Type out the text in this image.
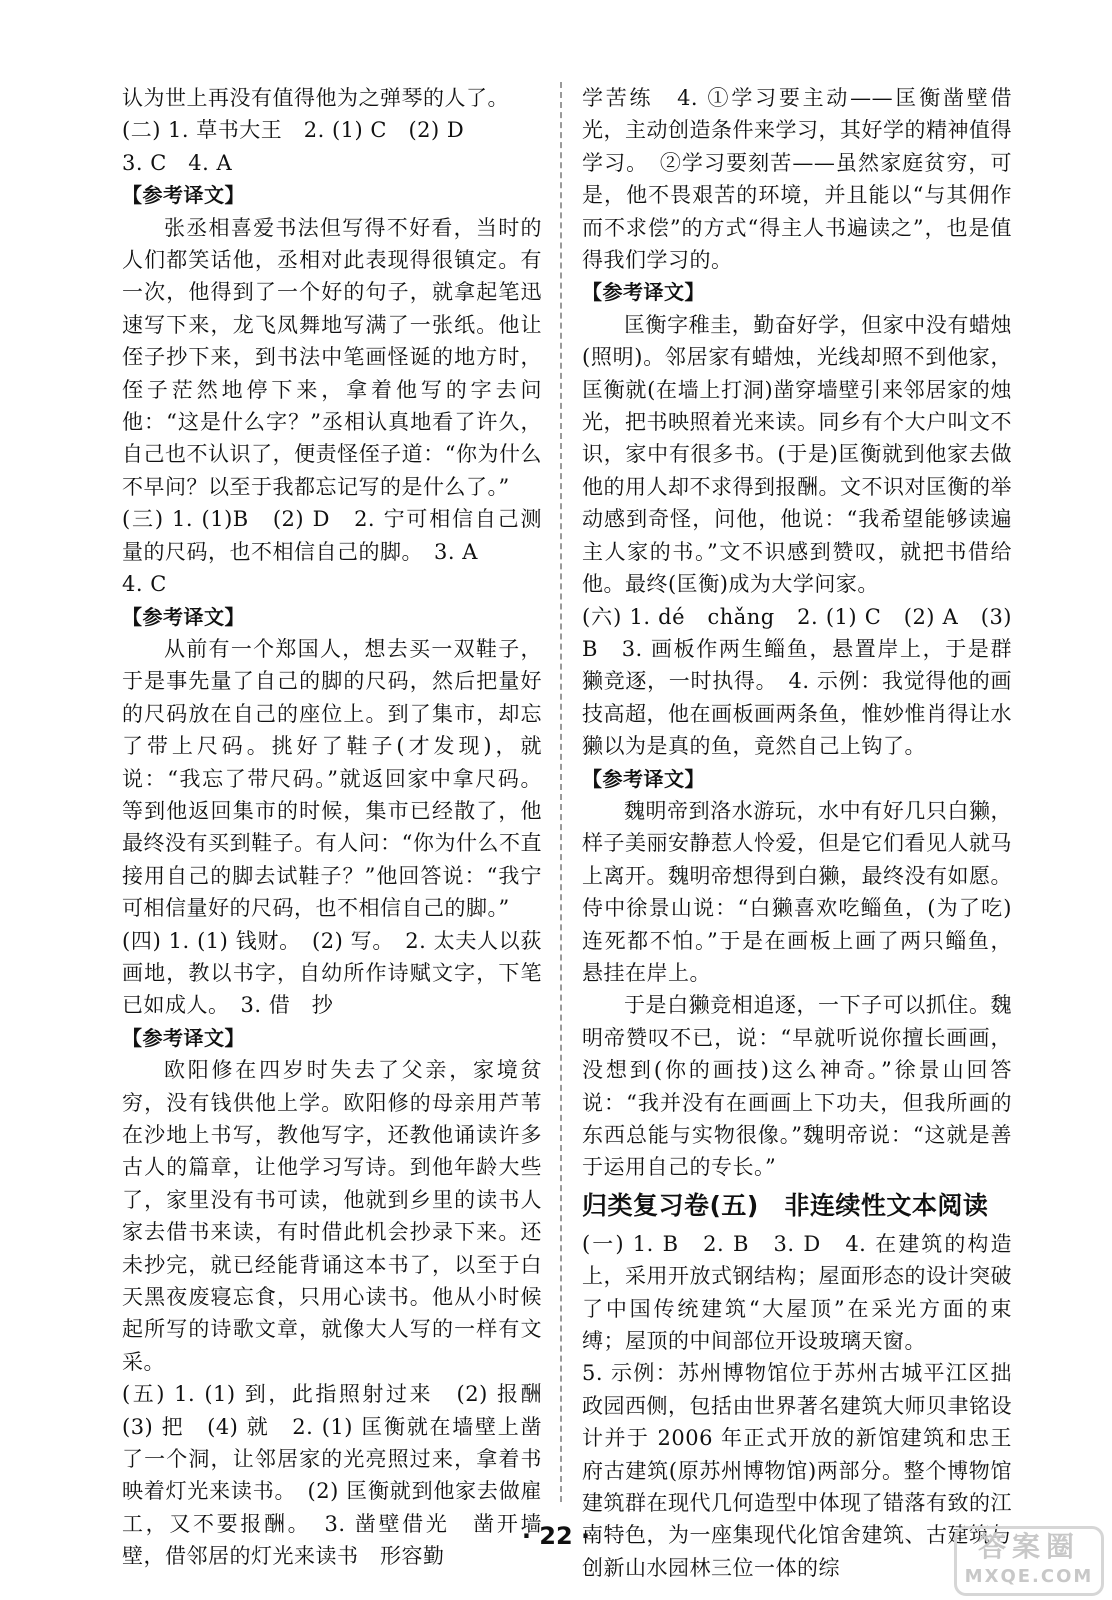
认为世上再没有值得他为之弹琴的人了。

(二) 1. 草书大王　2. (1) C　(2) D

3. C　4. A

【参考译文】

张丞相喜爱书法但写得不好看，当时的人们都笑话他，丞相对此表现得很镇定。有一次，他得到了一个好的句子，就拿起笔迅速写下来，龙飞凤舞地写满了一张纸。他让侄子抄下来，到书法中笔画怪诞的地方时，侄子茫然地停下来，拿着他写的字去问他：“这是什么字？”丞相认真地看了许久，自己也不认识了，便责怪侄子道：“你为什么不早问？以至于我都忘记写的是什么了。”

(三) 1. (1)B　(2) D　2. 宁可相信自己测量的尺码，也不相信自己的脚。　3. A

4. C

【参考译文】

从前有一个郑国人，想去买一双鞋子，于是事先量了自己的脚的尺码，然后把量好的尺码放在自己的座位上。到了集市，却忘了带上尺码。挑好了鞋子(才发现)，就说：“我忘了带尺码。”就返回家中拿尺码。等到他返回集市的时候，集市已经散了，他最终没有买到鞋子。有人问：“你为什么不直接用自己的脚去试鞋子？”他回答说：“我宁可相信量好的尺码，也不相信自己的脚。”

(四) 1. (1) 钱财。　(2) 写。　2. 太夫人以荻画地，教以书字，自幼所作诗赋文字，下笔已如成人。　3. 借　抄

【参考译文】

欧阳修在四岁时失去了父亲，家境贫穷，没有钱供他上学。欧阳修的母亲用芦苇在沙地上书写，教他写字，还教他诵读许多古人的篇章，让他学习写诗。到他年龄大些了，家里没有书可读，他就到乡里的读书人家去借书来读，有时借此机会抄录下来。还未抄完，就已经能背诵这本书了，以至于白天黑夜废寝忘食，只用心读书。他从小时候起所写的诗歌文章，就像大人写的一样有文采。

(五) 1. (1) 到，此指照射过来　(2) 报酬　(3) 把　(4) 就　2. (1) 匡衡就在墙壁上凿了一个洞，让邻居家的光亮照过来，拿着书映着灯光来读书。　(2) 匡衡就到他家去做雇工，又不要报酬。　3. 凿壁借光　凿开墙壁，借邻居的灯光来读书　形容勤

学苦练　4. ①学习要主动——匡衡凿壁借光，主动创造条件来学习，其好学的精神值得学习。　②学习要刻苦——虽然家庭贫穷，可是，他不畏艰苦的环境，并且能以“与其佣作而不求偿”的方式“得主人书遍读之”，也是值得我们学习的。

【参考译文】

匡衡字稚圭，勤奋好学，但家中没有蜡烛(照明)。邻居家有蜡烛，光线却照不到他家，匡衡就(在墙上打洞)凿穿墙壁引来邻居家的烛光，把书映照着光来读。同乡有个大户叫文不识，家中有很多书。(于是)匡衡就到他家去做他的用人却不求得到报酬。文不识对匡衡的举动感到奇怪，问他，他说：“我希望能够读遍主人家的书。”文不识感到赞叹，就把书借给他。最终(匡衡)成为大学问家。

(六) 1. dé　chǎng　2. (1) C　(2) A　(3) B　3. 画板作两生鲻鱼，悬置岸上，于是群獭竞逐，一时执得。　4. 示例：我觉得他的画技高超，他在画板画两条鱼，惟妙惟肖得让水獭以为是真的鱼，竟然自己上钩了。

【参考译文】

魏明帝到洛水游玩，水中有好几只白獭，样子美丽安静惹人怜爱，但是它们看见人就马上离开。魏明帝想得到白獭，最终没有如愿。侍中徐景山说：“白獭喜欢吃鲻鱼，(为了吃)连死都不怕。”于是在画板上画了两只鲻鱼，悬挂在岸上。

于是白獭竞相追逐，一下子可以抓住。魏明帝赞叹不已，说：“早就听说你擅长画画，没想到(你的画技)这么神奇。”徐景山回答说：“我并没有在画画上下功夫，但我所画的东西总能与实物很像。”魏明帝说：“这就是善于运用自己的专长。”

归类复习卷(五)　非连续性文本阅读

(一) 1. B　2. B　3. D　4. 在建筑的构造上，采用开放式钢结构；屋面形态的设计突破了中国传统建筑“大屋顶”在采光方面的束缚；屋顶的中间部位开设玻璃天窗。

5. 示例：苏州博物馆位于苏州古城平江区拙政园西侧，包括由世界著名建筑大师贝聿铭设计并于 2006 年正式开放的新馆建筑和忠王府古建筑(原苏州博物馆)两部分。整个博物馆建筑群在现代几何造型中体现了错落有致的江南特色，为一座集现代化馆舍建筑、古建筑与创新山水园林三位一体的综

· 22 ·	答案圈
MXQE.COM
